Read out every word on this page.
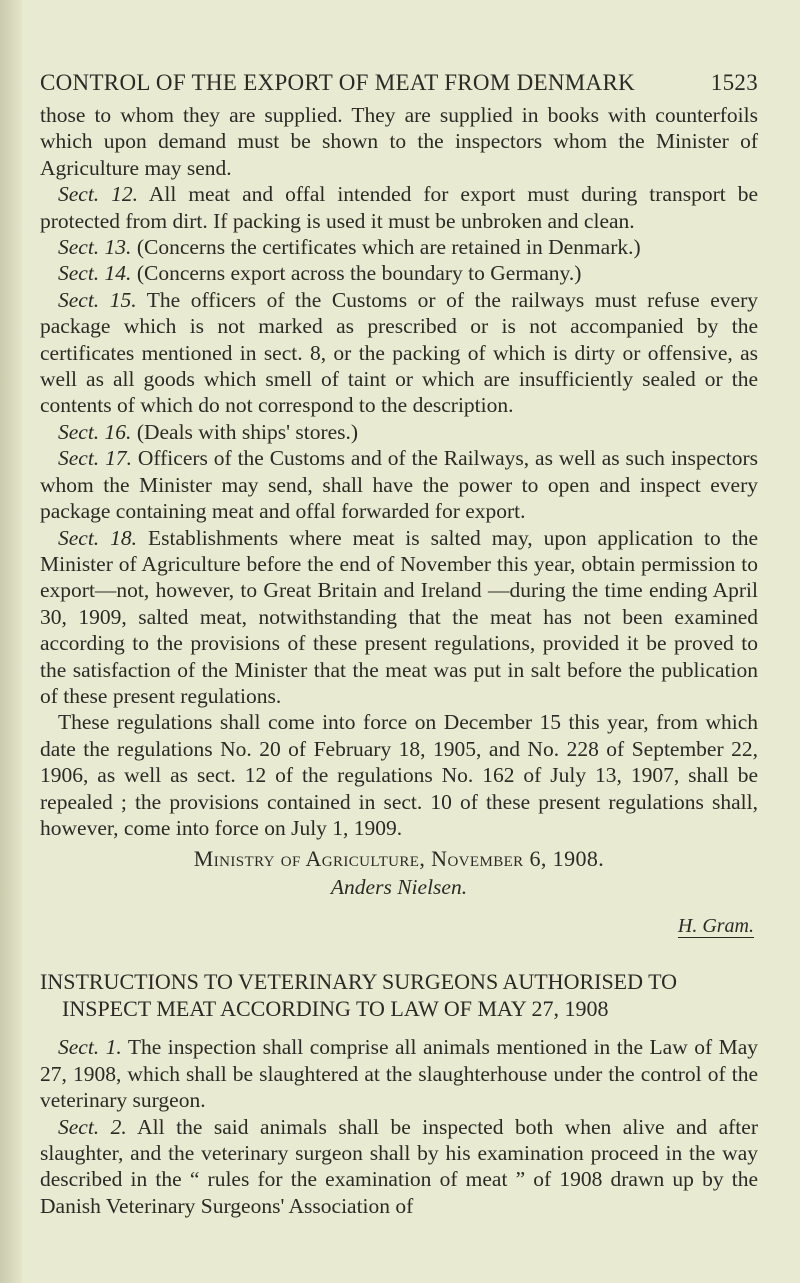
CONTROL OF THE EXPORT OF MEAT FROM DENMARK	1523

those to whom they are supplied. They are supplied in books with counterfoils which upon demand must be shown to the inspectors whom the Minister of Agriculture may send.

Sect. 12. All meat and offal intended for export must during transport be protected from dirt. If packing is used it must be unbroken and clean.

Sect. 13. (Concerns the certificates which are retained in Denmark.)

Sect. 14. (Concerns export across the boundary to Germany.)

Sect. 15. The officers of the Customs or of the railways must refuse every package which is not marked as prescribed or is not accompanied by the certificates mentioned in sect. 8, or the packing of which is dirty or offensive, as well as all goods which smell of taint or which are insufficiently sealed or the contents of which do not correspond to the description.

Sect. 16. (Deals with ships' stores.)

Sect. 17. Officers of the Customs and of the Railways, as well as such inspectors whom the Minister may send, shall have the power to open and inspect every package containing meat and offal forwarded for export.

Sect. 18. Establishments where meat is salted may, upon application to the Minister of Agriculture before the end of November this year, obtain permission to export—not, however, to Great Britain and Ireland —during the time ending April 30, 1909, salted meat, notwithstanding that the meat has not been examined according to the provisions of these present regulations, provided it be proved to the satisfaction of the Minister that the meat was put in salt before the publication of these present regulations.

These regulations shall come into force on December 15 this year, from which date the regulations No. 20 of February 18, 1905, and No. 228 of September 22, 1906, as well as sect. 12 of the regulations No. 162 of July 13, 1907, shall be repealed ; the provisions contained in sect. 10 of these present regulations shall, however, come into force on July 1, 1909.

Ministry of Agriculture, November 6, 1908.
Anders Nielsen.
H. Gram.
INSTRUCTIONS TO VETERINARY SURGEONS AUTHORISED TO
INSPECT MEAT ACCORDING TO LAW OF MAY 27, 1908

Sect. 1. The inspection shall comprise all animals mentioned in the Law of May 27, 1908, which shall be slaughtered at the slaughterhouse under the control of the veterinary surgeon.

Sect. 2. All the said animals shall be inspected both when alive and after slaughter, and the veterinary surgeon shall by his examination proceed in the way described in the “ rules for the examination of meat ” of 1908 drawn up by the Danish Veterinary Surgeons' Association of
